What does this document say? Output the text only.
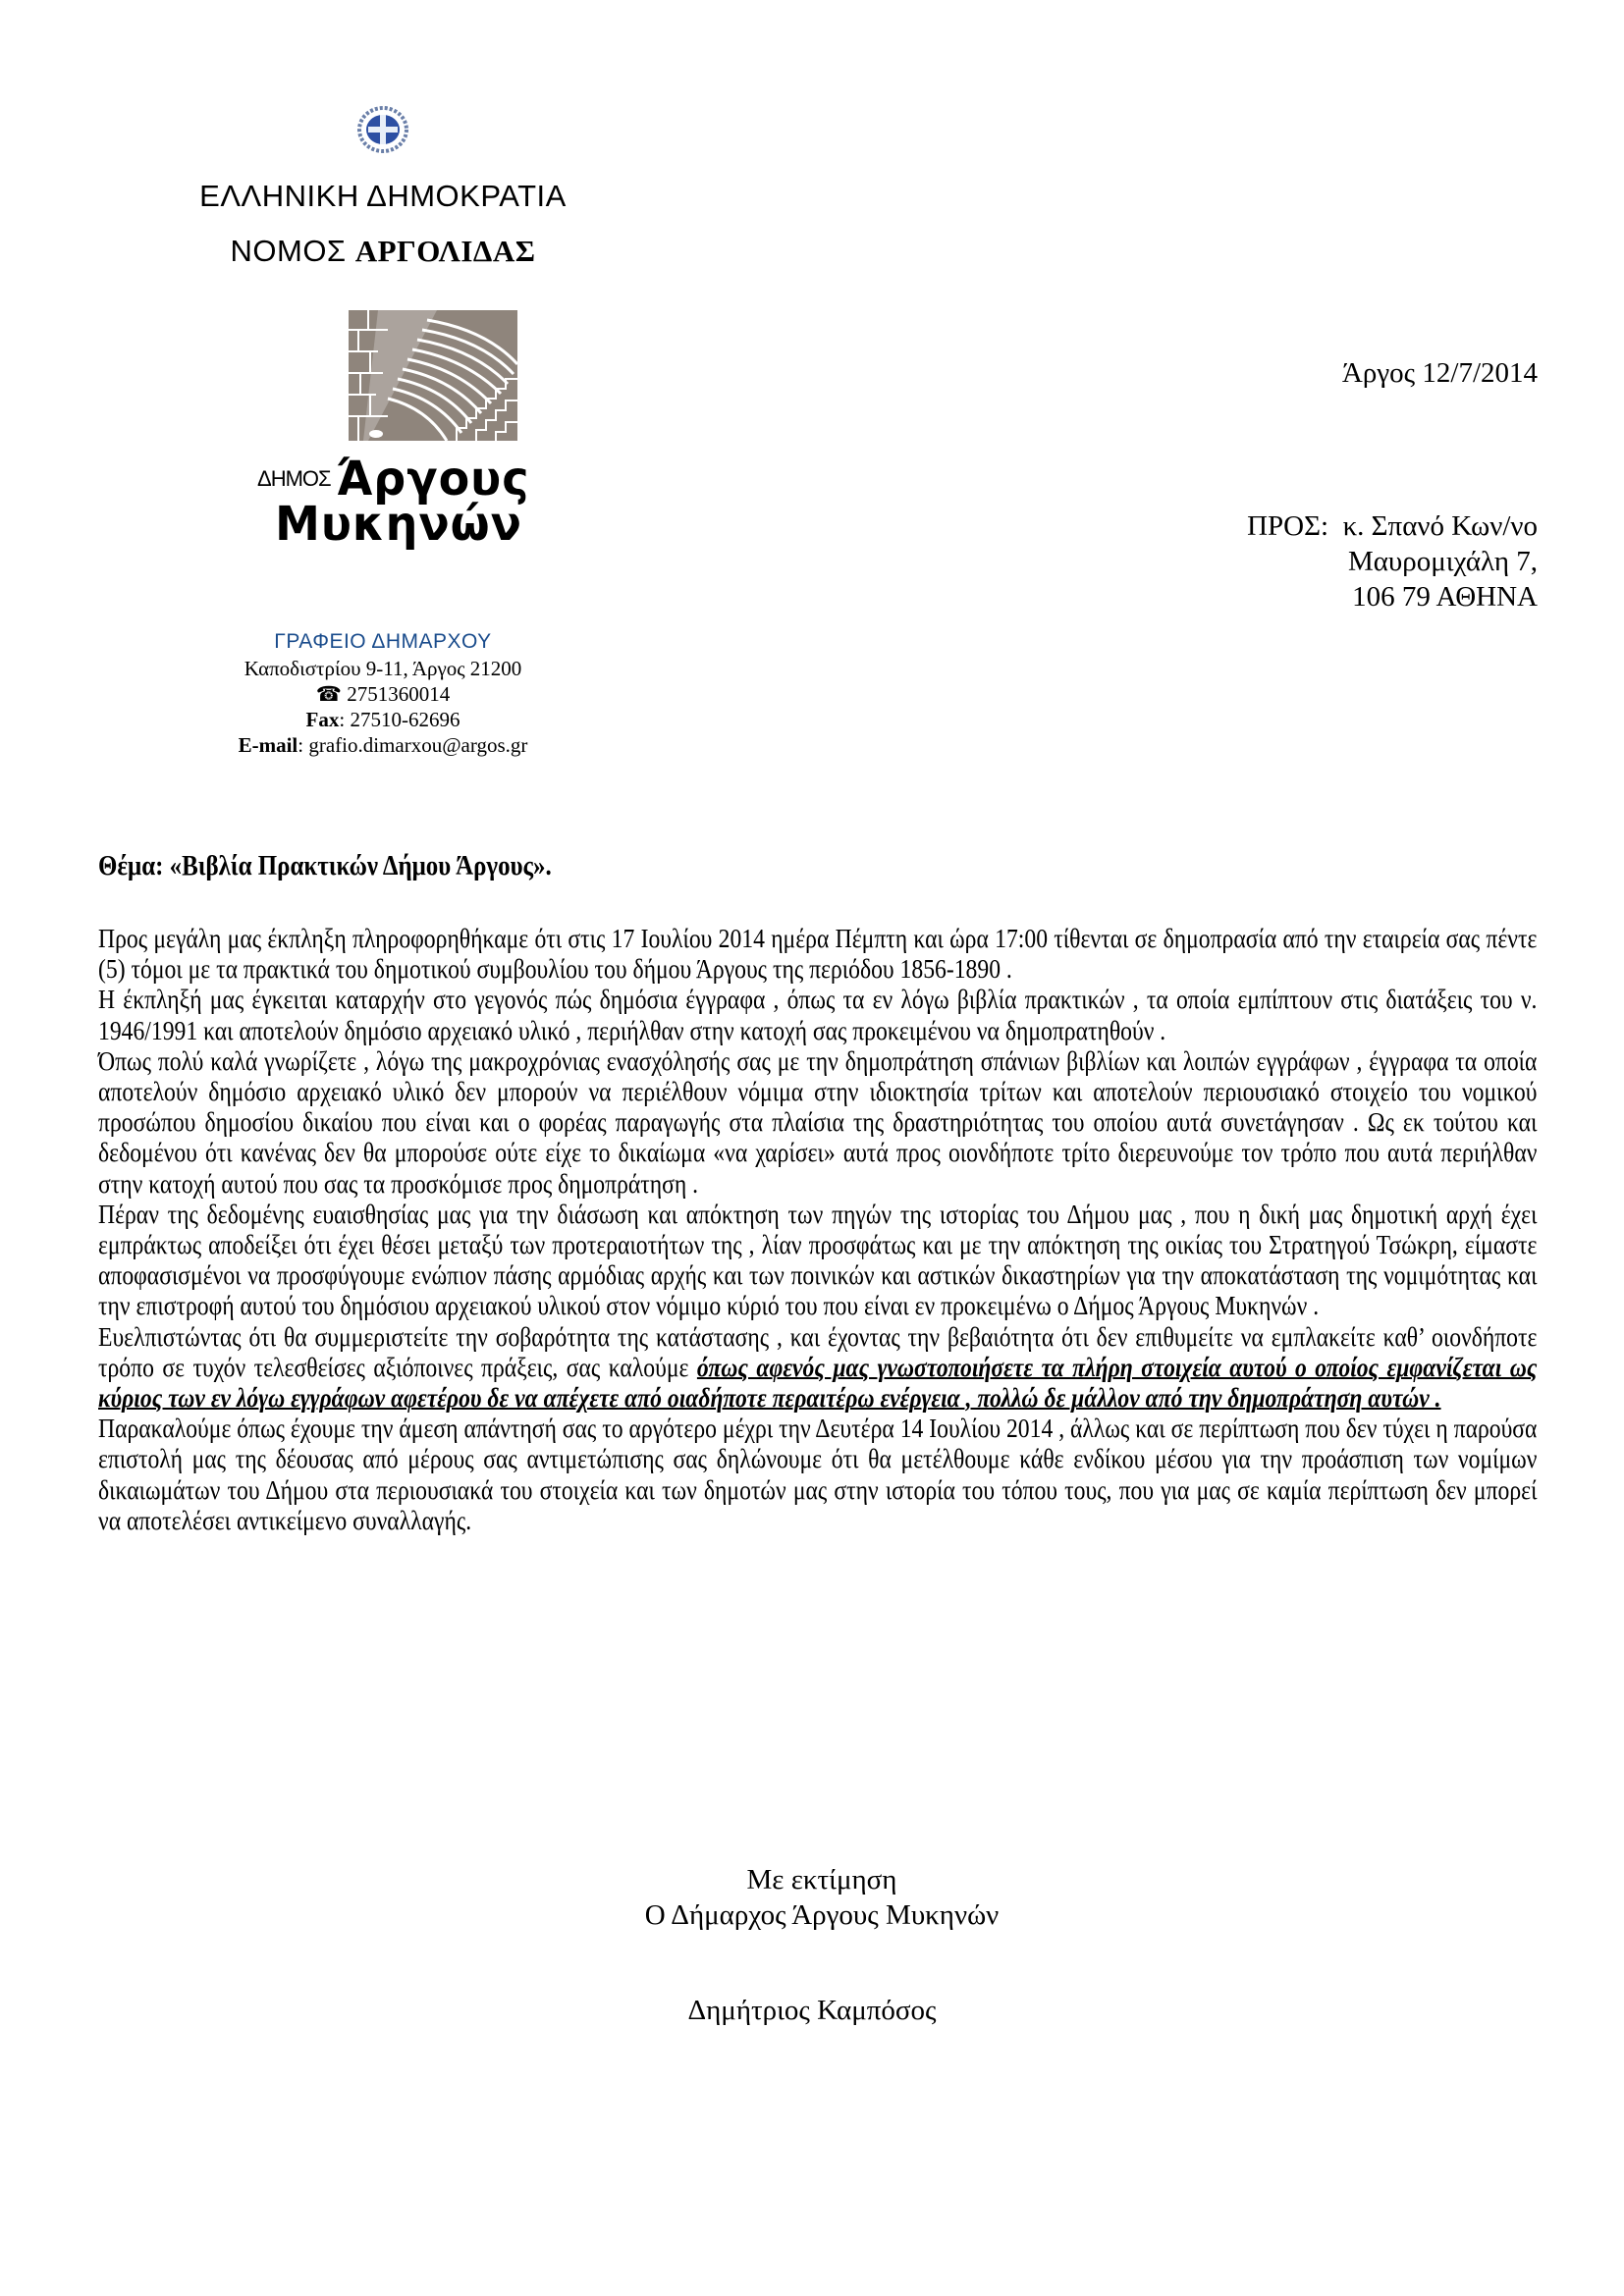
ΕΛΛΗΝΙΚΗ ΔΗΜΟΚΡΑΤΙΑ
ΝΟΜΟΣ ΑΡΓΟΛΙΔΑΣ
ΔΗΜΟΣ Άργους
Μυκηνών
ΓΡΑΦΕΙΟ ΔΗΜΑΡΧΟΥ
Καποδιστρίου 9-11, Άργος 21200
☎ 2751360014
Fax: 27510-62696
E-mail: grafio.dimarxou@argos.gr
Άργος 12/7/2014
ΠΡΟΣ: κ. Σπανό Κων/νο
Μαυρομιχάλη 7,
106 79 ΑΘΗΝΑ
Θέμα: «Βιβλία Πρακτικών Δήμου Άργους».

Προς μεγάλη μας έκπληξη πληροφορηθήκαμε ότι στις 17 Ιουλίου 2014 ημέρα Πέμπτη και ώρα 17:00 τίθενται σε δημοπρασία από την εταιρεία σας πέντε (5) τόμοι με τα πρακτικά του δημοτικού συμβουλίου του δήμου Άργους της περιόδου 1856-1890 .

Η έκπληξή μας έγκειται καταρχήν στο γεγονός πώς δημόσια έγγραφα , όπως τα εν λόγω βιβλία πρακτικών , τα οποία εμπίπτουν στις διατάξεις του ν. 1946/1991 και αποτελούν δημόσιο αρχειακό υλικό , περιήλθαν στην κατοχή σας προκειμένου να δημοπρατηθούν .

Όπως πολύ καλά γνωρίζετε , λόγω της μακροχρόνιας ενασχόλησής σας με την δημοπράτηση σπάνιων βιβλίων και λοιπών εγγράφων , έγγραφα τα οποία αποτελούν δημόσιο αρχειακό υλικό δεν μπορούν να περιέλθουν νόμιμα στην ιδιοκτησία τρίτων και αποτελούν περιουσιακό στοιχείο του νομικού προσώπου δημοσίου δικαίου που είναι και ο φορέας παραγωγής στα πλαίσια της δραστηριότητας του οποίου αυτά συνετάγησαν . Ως εκ τούτου και δεδομένου ότι κανένας δεν θα μπορούσε ούτε είχε το δικαίωμα «να χαρίσει» αυτά προς οιονδήποτε τρίτο διερευνούμε τον τρόπο που αυτά περιήλθαν στην κατοχή αυτού που σας τα προσκόμισε προς δημοπράτηση .

Πέραν της δεδομένης ευαισθησίας μας για την διάσωση και απόκτηση των πηγών της ιστορίας του Δήμου μας , που η δική μας δημοτική αρχή έχει εμπράκτως αποδείξει ότι έχει θέσει μεταξύ των προτεραιοτήτων της , λίαν προσφάτως και με την απόκτηση της οικίας του Στρατηγού Τσώκρη, είμαστε αποφασισμένοι να προσφύγουμε ενώπιον πάσης αρμόδιας αρχής και των ποινικών και αστικών δικαστηρίων για την αποκατάσταση της νομιμότητας και την επιστροφή αυτού του δημόσιου αρχειακού υλικού στον νόμιμο κύριό του που είναι εν προκειμένω ο Δήμος Άργους Μυκηνών .

Ευελπιστώντας ότι θα συμμεριστείτε την σοβαρότητα της κατάστασης , και έχοντας την βεβαιότητα ότι δεν επιθυμείτε να εμπλακείτε καθ’ οιονδήποτε τρόπο σε τυχόν τελεσθείσες αξιόποινες πράξεις, σας καλούμε όπως αφενός μας γνωστοποιήσετε τα πλήρη στοιχεία αυτού ο οποίος εμφανίζεται ως κύριος των εν λόγω εγγράφων αφετέρου δε να απέχετε από οιαδήποτε περαιτέρω ενέργεια , πολλώ δε μάλλον από την δημοπράτηση αυτών .

Παρακαλούμε όπως έχουμε την άμεση απάντησή σας το αργότερο μέχρι την Δευτέρα 14 Ιουλίου 2014 , άλλως και σε περίπτωση που δεν τύχει η παρούσα επιστολή μας της δέουσας από μέρους σας αντιμετώπισης σας δηλώνουμε ότι θα μετέλθουμε κάθε ενδίκου μέσου για την προάσπιση των νομίμων δικαιωμάτων του Δήμου στα περιουσιακά του στοιχεία και των δημοτών μας στην ιστορία του τόπου τους, που για μας σε καμία περίπτωση δεν μπορεί να αποτελέσει αντικείμενο συναλλαγής.

Με εκτίμηση
Ο Δήμαρχος Άργους Μυκηνών
Δημήτριος Καμπόσος
